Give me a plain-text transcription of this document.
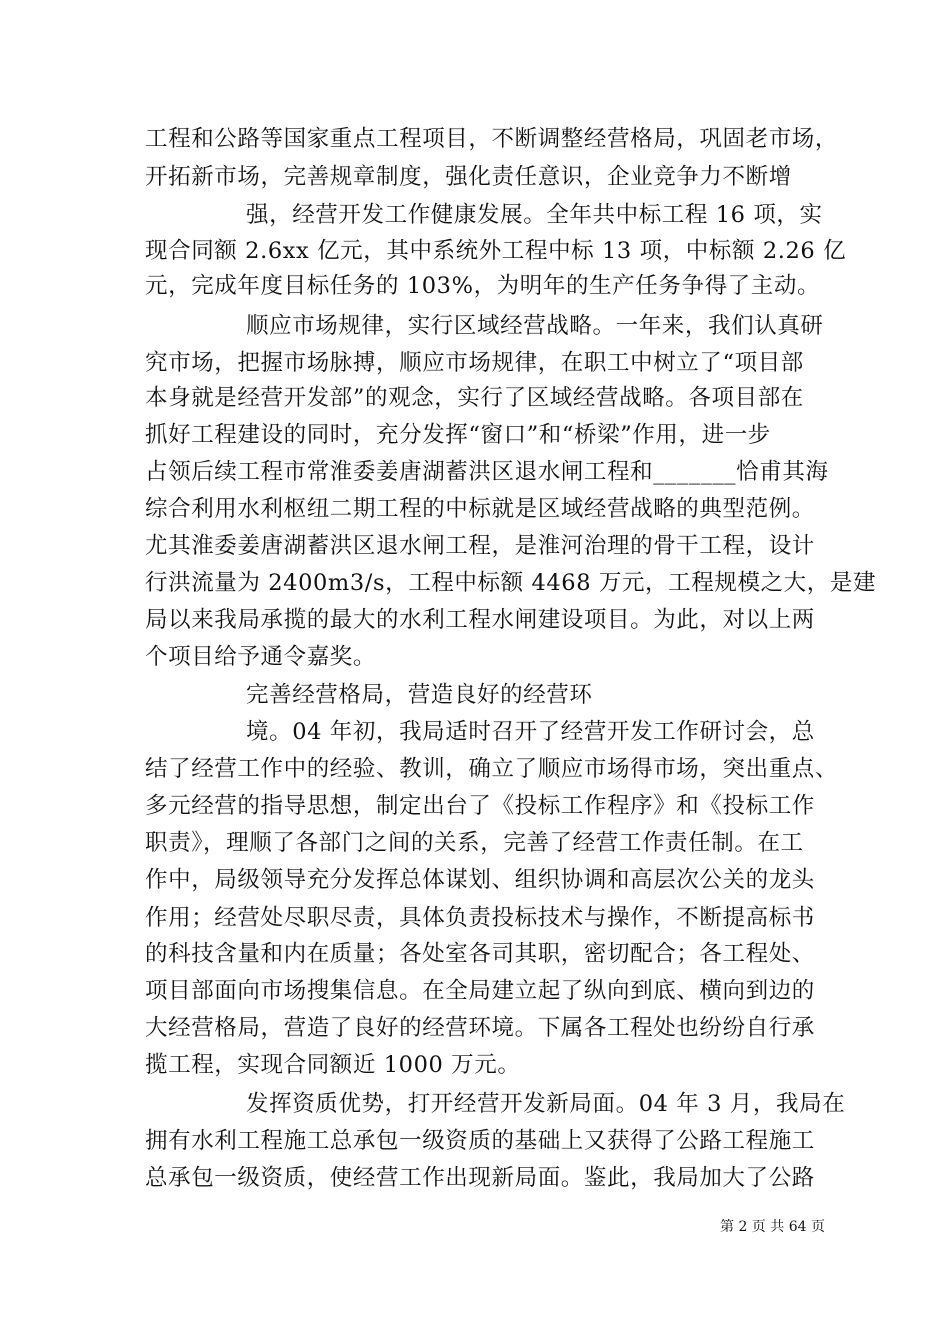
工程和公路等国家重点工程项目，不断调整经营格局，巩固老市场，
开拓新市场，完善规章制度，强化责任意识，企业竞争力不断增
强，经营开发工作健康发展。全年共中标工程 16 项，实
现合同额 2.6xx 亿元，其中系统外工程中标 13 项，中标额 2.26 亿
元，完成年度目标任务的 103%，为明年的生产任务争得了主动。
顺应市场规律，实行区域经营战略。一年来，我们认真研
究市场，把握市场脉搏，顺应市场规律，在职工中树立了“项目部
本身就是经营开发部”的观念，实行了区域经营战略。各项目部在
抓好工程建设的同时，充分发挥“窗口”和“桥梁”作用，进一步
占领后续工程市常淮委姜唐湖蓄洪区退水闸工程和_______恰甫其海
综合利用水利枢纽二期工程的中标就是区域经营战略的典型范例。
尤其淮委姜唐湖蓄洪区退水闸工程，是淮河治理的骨干工程，设计
行洪流量为 2400m3/s，工程中标额 4468 万元，工程规模之大，是建
局以来我局承揽的最大的水利工程水闸建设项目。为此，对以上两
个项目给予通令嘉奖。
完善经营格局，营造良好的经营环
境。04 年初，我局适时召开了经营开发工作研讨会，总
结了经营工作中的经验、教训，确立了顺应市场得市场，突出重点、
多元经营的指导思想，制定出台了《投标工作程序》和《投标工作
职责》，理顺了各部门之间的关系，完善了经营工作责任制。在工
作中，局级领导充分发挥总体谋划、组织协调和高层次公关的龙头
作用；经营处尽职尽责，具体负责投标技术与操作，不断提高标书
的科技含量和内在质量；各处室各司其职，密切配合；各工程处、
项目部面向市场搜集信息。在全局建立起了纵向到底、横向到边的
大经营格局，营造了良好的经营环境。下属各工程处也纷纷自行承
揽工程，实现合同额近 1000 万元。
发挥资质优势，打开经营开发新局面。04 年 3 月，我局在
拥有水利工程施工总承包一级资质的基础上又获得了公路工程施工
总承包一级资质，使经营工作出现新局面。鉴此，我局加大了公路
第 2 页 共 64 页
